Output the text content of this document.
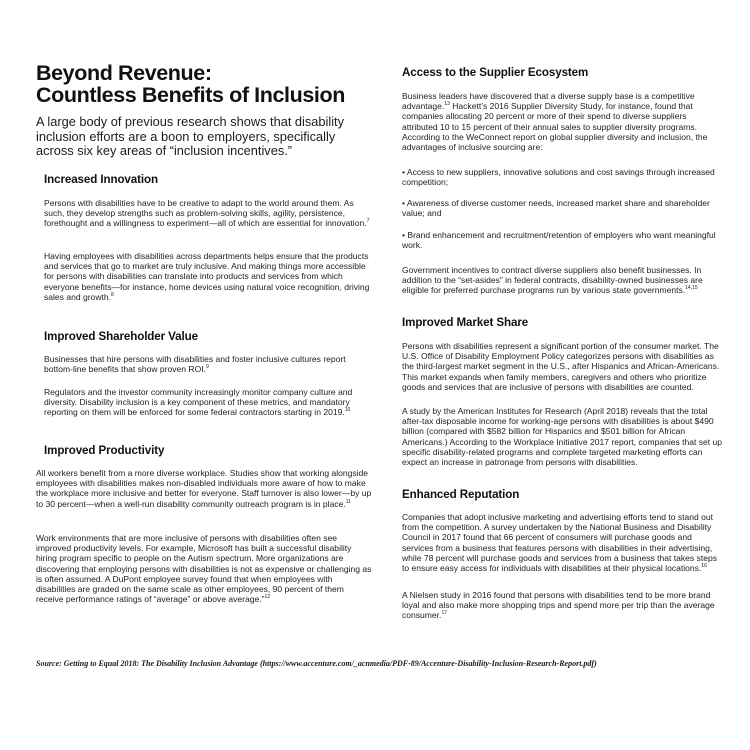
Beyond Revenue:
Countless Benefits of Inclusion

A large body of previous research shows that disability inclusion efforts are a boon to employers, specifically across six key areas of “inclusion incentives.”

Increased Innovation

Persons with disabilities have to be creative to adapt to the world around them. As such, they develop strengths such as problem-solving skills, agility, persistence, forethought and a willingness to experiment—all of which are essential for innovation.$^7$

Having employees with disabilities across departments helps ensure that the products and services that go to market are truly inclusive. And making things more accessible for persons with disabilities can translate into products and services from which everyone benefits—for instance, home devices using natural voice recognition, driving sales and growth.$^8$

Improved Shareholder Value

Businesses that hire persons with disabilities and foster inclusive cultures report bottom-line benefits that show proven ROI.$^9$

Regulators and the investor community increasingly monitor company culture and diversity. Disability inclusion is a key component of these metrics, and mandatory reporting on them will be enforced for some federal contractors starting in 2019.10

Improved Productivity

All workers benefit from a more diverse workplace. Studies show that working alongside employees with disabilities makes non-disabled individuals more aware of how to make the workplace more inclusive and better for everyone. Staff turnover is also lower—by up to 30 percent—when a well-run disability community outreach program is in place.$^{11}$

Work environments that are more inclusive of persons with disabilities often see improved productivity levels. For example, Microsoft has built a successful disability hiring program specific to people on the Autism spectrum. More organizations are discovering that employing persons with disabilities is not as expensive or challenging as is often assumed. A DuPont employee survey found that when employees with disabilities are graded on the same scale as other employees, 90 percent of them receive performance ratings of “average” or above average.”$^{12}$

Access to the Supplier Ecosystem

Business leaders have discovered that a diverse supply base is a competitive advantage.$^{13}$ Hackett’s 2016 Supplier Diversity Study, for instance, found that companies allocating 20 percent or more of their spend to diverse suppliers attributed 10 to 15 percent of their annual sales to supplier diversity programs. According to the WeConnect report on global supplier diversity and inclusion, the advantages of inclusive sourcing are:

• Access to new suppliers, innovative solutions and cost savings through increased competition;
• Awareness of diverse customer needs, increased market share and shareholder value; and
• Brand enhancement and recruitment/retention of employers who want meaningful work.

Government incentives to contract diverse suppliers also benefit businesses. In addition to the “set-asides” in federal contracts, disability-owned businesses are eligible for preferred purchase programs run by various state governments.$^{14,15}$

Improved Market Share

Persons with disabilities represent a significant portion of the consumer market. The U.S. Office of Disability Employment Policy categorizes persons with disabilities as the third-largest market segment in the U.S., after Hispanics and African-Americans. This market expands when family members, caregivers and others who prioritize goods and services that are inclusive of persons with disabilities are counted.

A study by the American Institutes for Research (April 2018) reveals that the total after-tax disposable income for working-age persons with disabilities is about $490 billion (compared with $582 billion for Hispanics and $501 billion for African Americans.) According to the Workplace Initiative 2017 report, companies that set up specific disability-related programs and complete targeted marketing efforts can expect an increase in patronage from persons with disabilities.

Enhanced Reputation

Companies that adopt inclusive marketing and advertising efforts tend to stand out from the competition. A survey undertaken by the National Business and Disability Council in 2017 found that 66 percent of consumers will purchase goods and services from a business that features persons with disabilities in their advertising, while 78 percent will purchase goods and services from a business that takes steps to ensure easy access for individuals with disabilities at their physical locations.$^{16}$

A Nielsen study in 2016 found that persons with disabilities tend to be more brand loyal and also make more shopping trips and spend more per trip than the average consumer.$^{17}$

Source: Getting to Equal 2018: The Disability Inclusion Advantage (https://www.accenture.com/_acnmedia/PDF-89/Accenture-Disability-Inclusion-Research-Report.pdf)
